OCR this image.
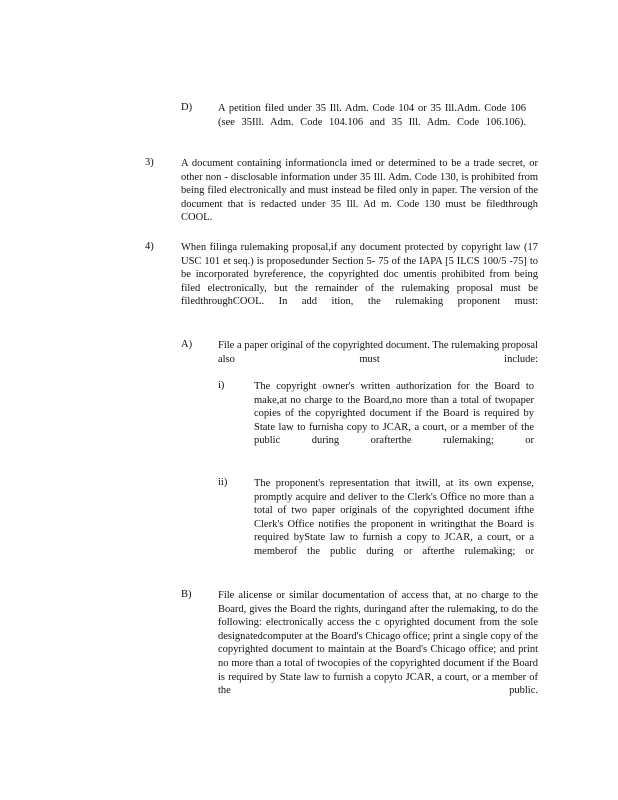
D)	A petition filed under 35 Ill. Adm. Code 104 or 35 Ill.Adm. Code 106 (see 35Ill. Adm. Code 104.106 and 35 Ill. Adm. Code 106.106).
3)	A document containing informationcla imed or determined to be a trade secret, or other non - disclosable information under 35 Ill. Adm. Code 130, is prohibited from being filed electronically and must instead be filed only in paper. The version of the document that is redacted under 35 Ill. Ad m. Code 130 must be filedthrough COOL.
4)	When filinga rulemaking proposal,if any document protected by copyright law (17 USC 101 et seq.) is proposedunder Section 5- 75 of the IAPA [5 ILCS 100/5 -75] to be incorporated byreference, the copyrighted doc umentis prohibited from being filed electronically, but the remainder of the rulemaking proposal must be filedthroughCOOL. In add ition, the rulemaking proponent must:
A)	File a paper original of the copyrighted document. The rulemaking proposal also must include:
i)	The copyright owner's written authorization for the Board to make,at no charge to the Board,no more than a total of twopaper copies of the copyrighted document if the Board is required by State law to furnisha copy to JCAR, a court, or a member of the public during orafterthe rulemaking; or
ii)	The proponent's representation that itwill, at its own expense, promptly acquire and deliver to the Clerk's Office no more than a total of two paper originals of the copyrighted document ifthe Clerk's Office notifies the proponent in writingthat the Board is required byState law to furnish a copy to JCAR, a court, or a memberof the public during or afterthe rulemaking; or
B)	File alicense or similar documentation of access that, at no charge to the Board, gives the Board the rights, duringand after the rulemaking, to do the following: electronically access the c opyrighted document from the sole designatedcomputer at the Board's Chicago office; print a single copy of the copyrighted document to maintain at the Board's Chicago office; and print no more than a total of twocopies of the copyrighted document if the Board is required by State law to furnish a copyto JCAR, a court, or a member of the public.
